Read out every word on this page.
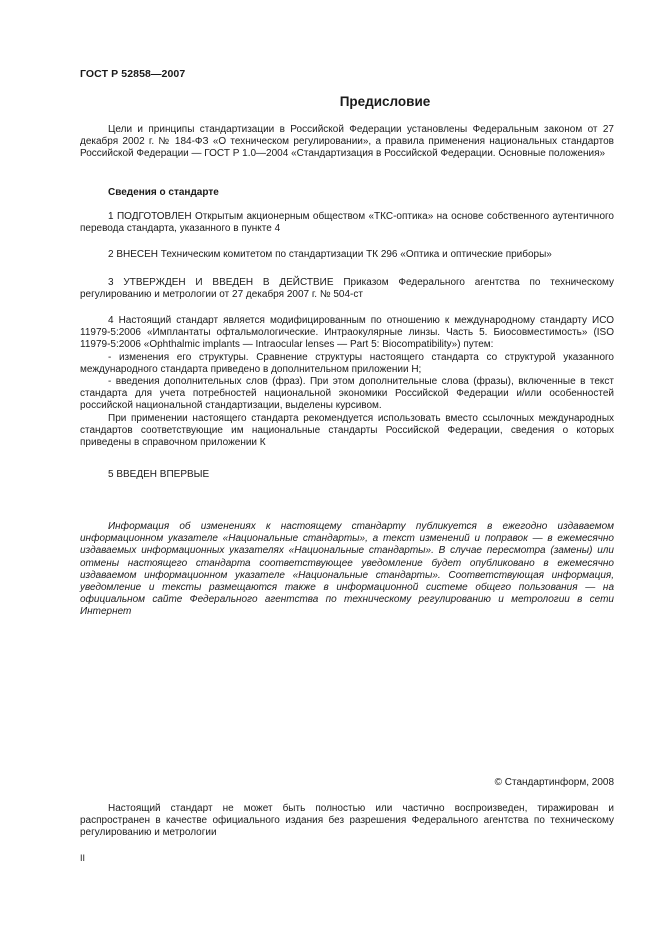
ГОСТ Р 52858—2007
Предисловие

Цели и принципы стандартизации в Российской Федерации установлены Федеральным законом от 27 декабря 2002 г. № 184-ФЗ «О техническом регулировании», а правила применения национальных стандартов Российской Федерации — ГОСТ Р 1.0—2004 «Стандартизация в Российской Федерации. Основные положения»

Сведения о стандарте

1 ПОДГОТОВЛЕН Открытым акционерным обществом «ТКС-оптика» на основе собственного аутентичного перевода стандарта, указанного в пункте 4

2 ВНЕСЕН Техническим комитетом по стандартизации ТК 296 «Оптика и оптические приборы»

3 УТВЕРЖДЕН И ВВЕДЕН В ДЕЙСТВИЕ Приказом Федерального агентства по техническому регулированию и метрологии от 27 декабря 2007 г. № 504-ст

4 Настоящий стандарт является модифицированным по отношению к международному стандарту ИСО 11979-5:2006 «Имплантаты офтальмологические. Интраокулярные линзы. Часть 5. Биосовместимость» (ISO 11979-5:2006 «Ophthalmic implants — Intraocular lenses — Part 5: Biocompatibility») путем:

- изменения его структуры. Сравнение структуры настоящего стандарта со структурой указанного международного стандарта приведено в дополнительном приложении Н;

- введения дополнительных слов (фраз). При этом дополнительные слова (фразы), включенные в текст стандарта для учета потребностей национальной экономики Российской Федерации и/или особенностей российской национальной стандартизации, выделены курсивом.

При применении настоящего стандарта рекомендуется использовать вместо ссылочных международных стандартов соответствующие им национальные стандарты Российской Федерации, сведения о которых приведены в справочном приложении К

5 ВВЕДЕН ВПЕРВЫЕ

Информация об изменениях к настоящему стандарту публикуется в ежегодно издаваемом информационном указателе «Национальные стандарты», а текст изменений и поправок — в ежемесячно издаваемых информационных указателях «Национальные стандарты». В случае пересмотра (замены) или отмены настоящего стандарта соответствующее уведомление будет опубликовано в ежемесячно издаваемом информационном указателе «Национальные стандарты». Соответствующая информация, уведомление и тексты размещаются также в информационной системе общего пользования — на официальном сайте Федерального агентства по техническому регулированию и метрологии в сети Интернет

© Стандартинформ, 2008

Настоящий стандарт не может быть полностью или частично воспроизведен, тиражирован и распространен в качестве официального издания без разрешения Федерального агентства по техническому регулированию и метрологии

II
